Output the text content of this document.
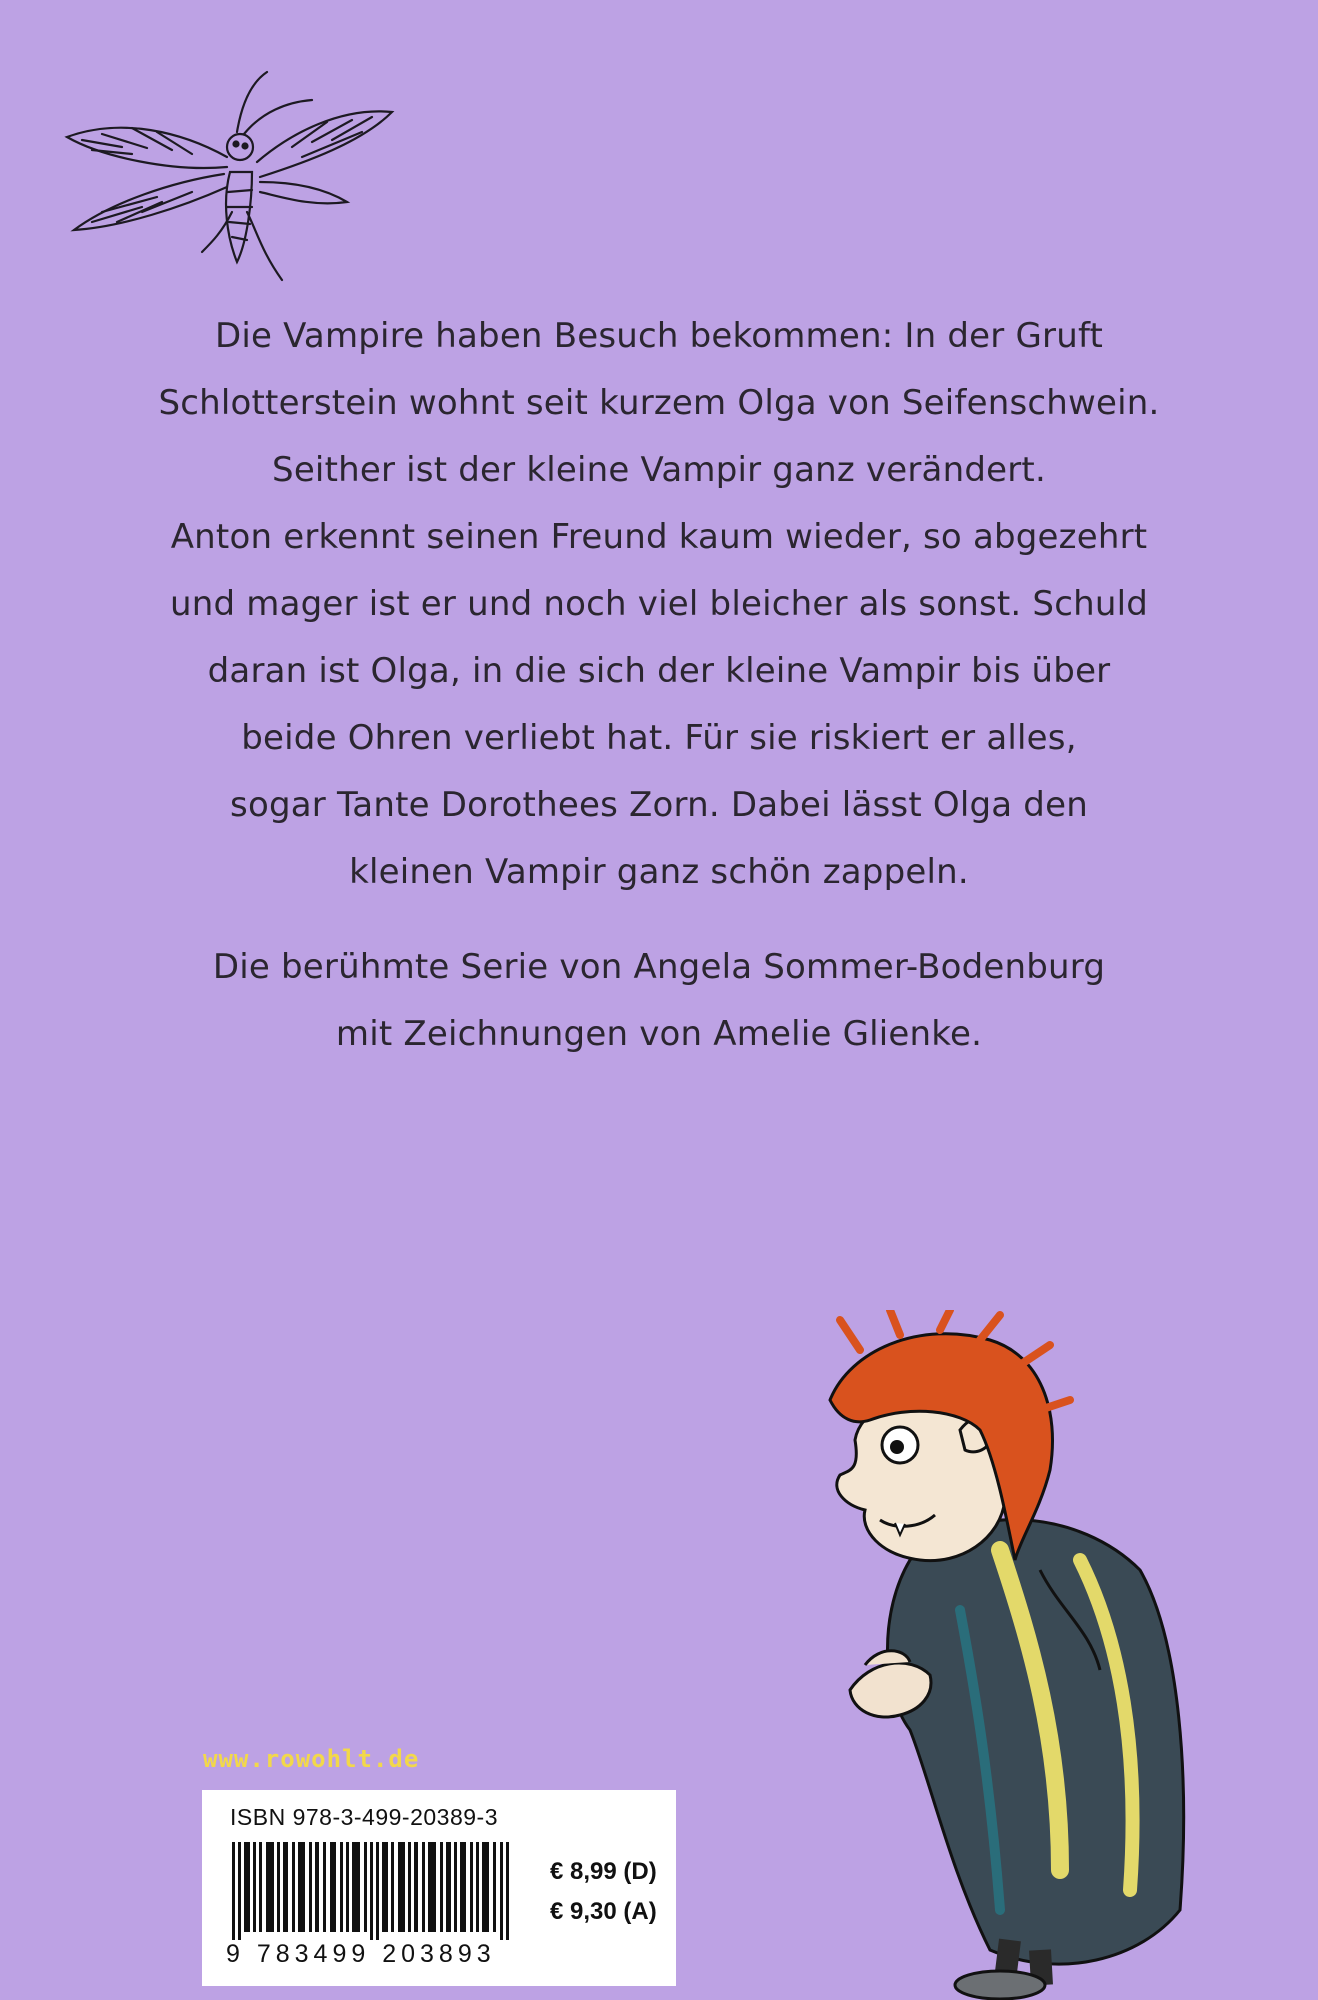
Die Vampire haben Besuch bekommen: In der Gruft
Schlotterstein wohnt seit kurzem Olga von Seifenschwein.
Seither ist der kleine Vampir ganz verändert.
Anton erkennt seinen Freund kaum wieder, so abgezehrt
und mager ist er und noch viel bleicher als sonst. Schuld
daran ist Olga, in die sich der kleine Vampir bis über
beide Ohren verliebt hat. Für sie riskiert er alles,
sogar Tante Dorothees Zorn. Dabei lässt Olga den
kleinen Vampir ganz schön zappeln.
Die berühmte Serie von Angela Sommer-Bodenburg
mit Zeichnungen von Amelie Glienke.
www.rowohlt.de
ISBN 978-3-499-20389-3
9 783499 203893
€ 8,99 (D)
€ 9,30 (A)
